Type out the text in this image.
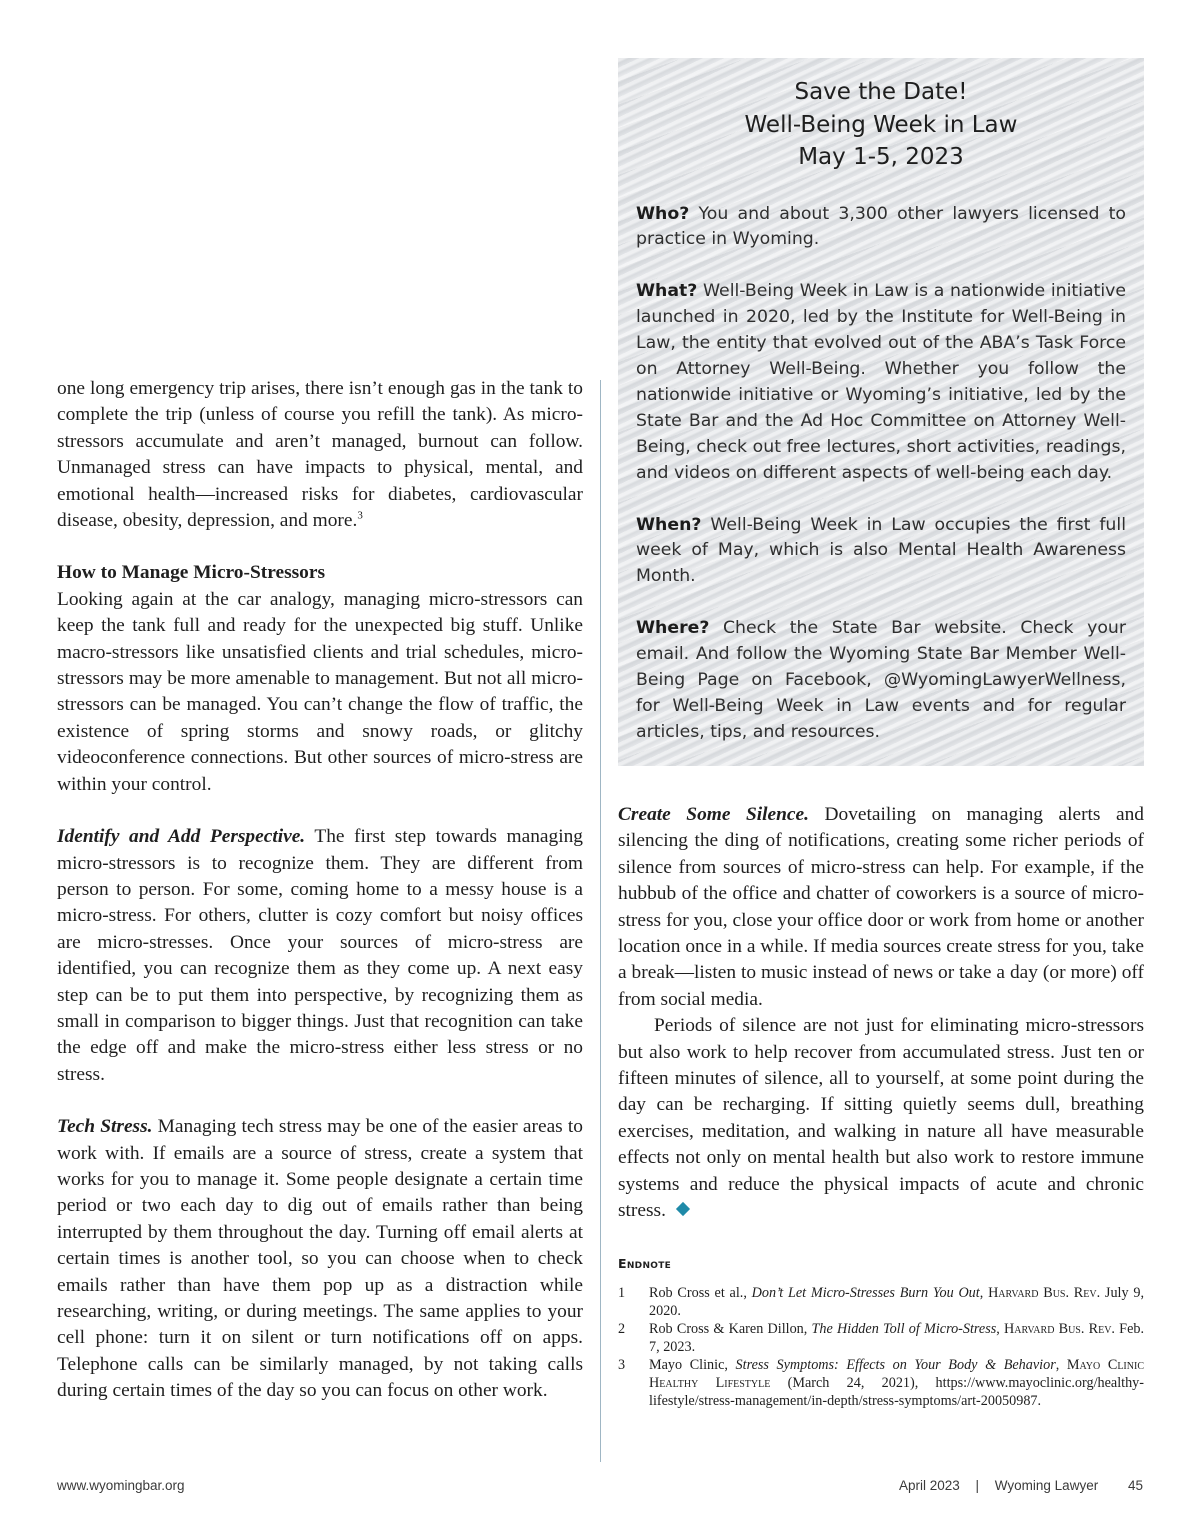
Save the Date!
Well-Being Week in Law
May 1-5, 2023

Who? You and about 3,300 other lawyers licensed to practice in Wyoming.

What? Well-Being Week in Law is a nationwide initiative launched in 2020, led by the Institute for Well-Being in Law, the entity that evolved out of the ABA’s Task Force on Attorney Well-Being. Whether you follow the nationwide initiative or Wyoming’s initiative, led by the State Bar and the Ad Hoc Committee on Attorney Well-Being, check out free lectures, short activities, readings, and videos on different aspects of well-being each day.

When? Well-Being Week in Law occupies the first full week of May, which is also Mental Health Awareness Month.

Where? Check the State Bar website. Check your email. And follow the Wyoming State Bar Member Well-Being Page on Facebook, @WyomingLawyerWellness, for Well-Being Week in Law events and for regular articles, tips, and resources.

one long emergency trip arises, there isn’t enough gas in the tank to complete the trip (unless of course you refill the tank). As micro-stressors accumulate and aren’t managed, burnout can follow. Unmanaged stress can have impacts to physical, mental, and emotional health—increased risks for diabetes, cardiovascular disease, obesity, depression, and more.$^3$

How to Manage Micro-Stressors

Looking again at the car analogy, managing micro-stressors can keep the tank full and ready for the unexpected big stuff. Unlike macro-stressors like unsatisfied clients and trial schedules, micro-stressors may be more amenable to management. But not all micro-stressors can be managed. You can’t change the flow of traffic, the existence of spring storms and snowy roads, or glitchy videoconference connections. But other sources of micro-stress are within your control.

Identify and Add Perspective. The first step towards managing micro-stressors is to recognize them. They are different from person to person. For some, coming home to a messy house is a micro-stress. For others, clutter is cozy comfort but noisy offices are micro-stresses. Once your sources of micro-stress are identified, you can recognize them as they come up. A next easy step can be to put them into perspective, by recognizing them as small in comparison to bigger things. Just that recognition can take the edge off and make the micro-stress either less stress or no stress.

Tech Stress. Managing tech stress may be one of the easier areas to work with. If emails are a source of stress, create a system that works for you to manage it. Some people designate a certain time period or two each day to dig out of emails rather than being interrupted by them throughout the day. Turning off email alerts at certain times is another tool, so you can choose when to check emails rather than have them pop up as a distraction while researching, writing, or during meetings. The same applies to your cell phone: turn it on silent or turn notifications off on apps. Telephone calls can be similarly managed, by not taking calls during certain times of the day so you can focus on other work.

Create Some Silence. Dovetailing on managing alerts and silencing the ding of notifications, creating some richer periods of silence from sources of micro-stress can help. For example, if the hubbub of the office and chatter of coworkers is a source of micro-stress for you, close your office door or work from home or another location once in a while. If media sources create stress for you, take a break—listen to music instead of news or take a day (or more) off from social media.

Periods of silence are not just for eliminating micro-stressors but also work to help recover from accumulated stress. Just ten or fifteen minutes of silence, all to yourself, at some point during the day can be recharging. If sitting quietly seems dull, breathing exercises, meditation, and walking in nature all have measurable effects not only on mental health but also work to restore immune systems and reduce the physical impacts of acute and chronic stress.

Endnote
1	Rob Cross et al., Don’t Let Micro-Stresses Burn You Out, Harvard Bus. Rev. July 9, 2020.
2	Rob Cross & Karen Dillon, The Hidden Toll of Micro-Stress, Harvard Bus. Rev. Feb. 7, 2023.
3	Mayo Clinic, Stress Symptoms: Effects on Your Body & Behavior, Mayo Clinic Healthy Lifestyle (March 24, 2021), https://www.mayoclinic.org/healthy-lifestyle/stress-management/in-depth/stress-symptoms/art-20050987.
www.wyomingbar.org	April 2023 | Wyoming Lawyer 45
